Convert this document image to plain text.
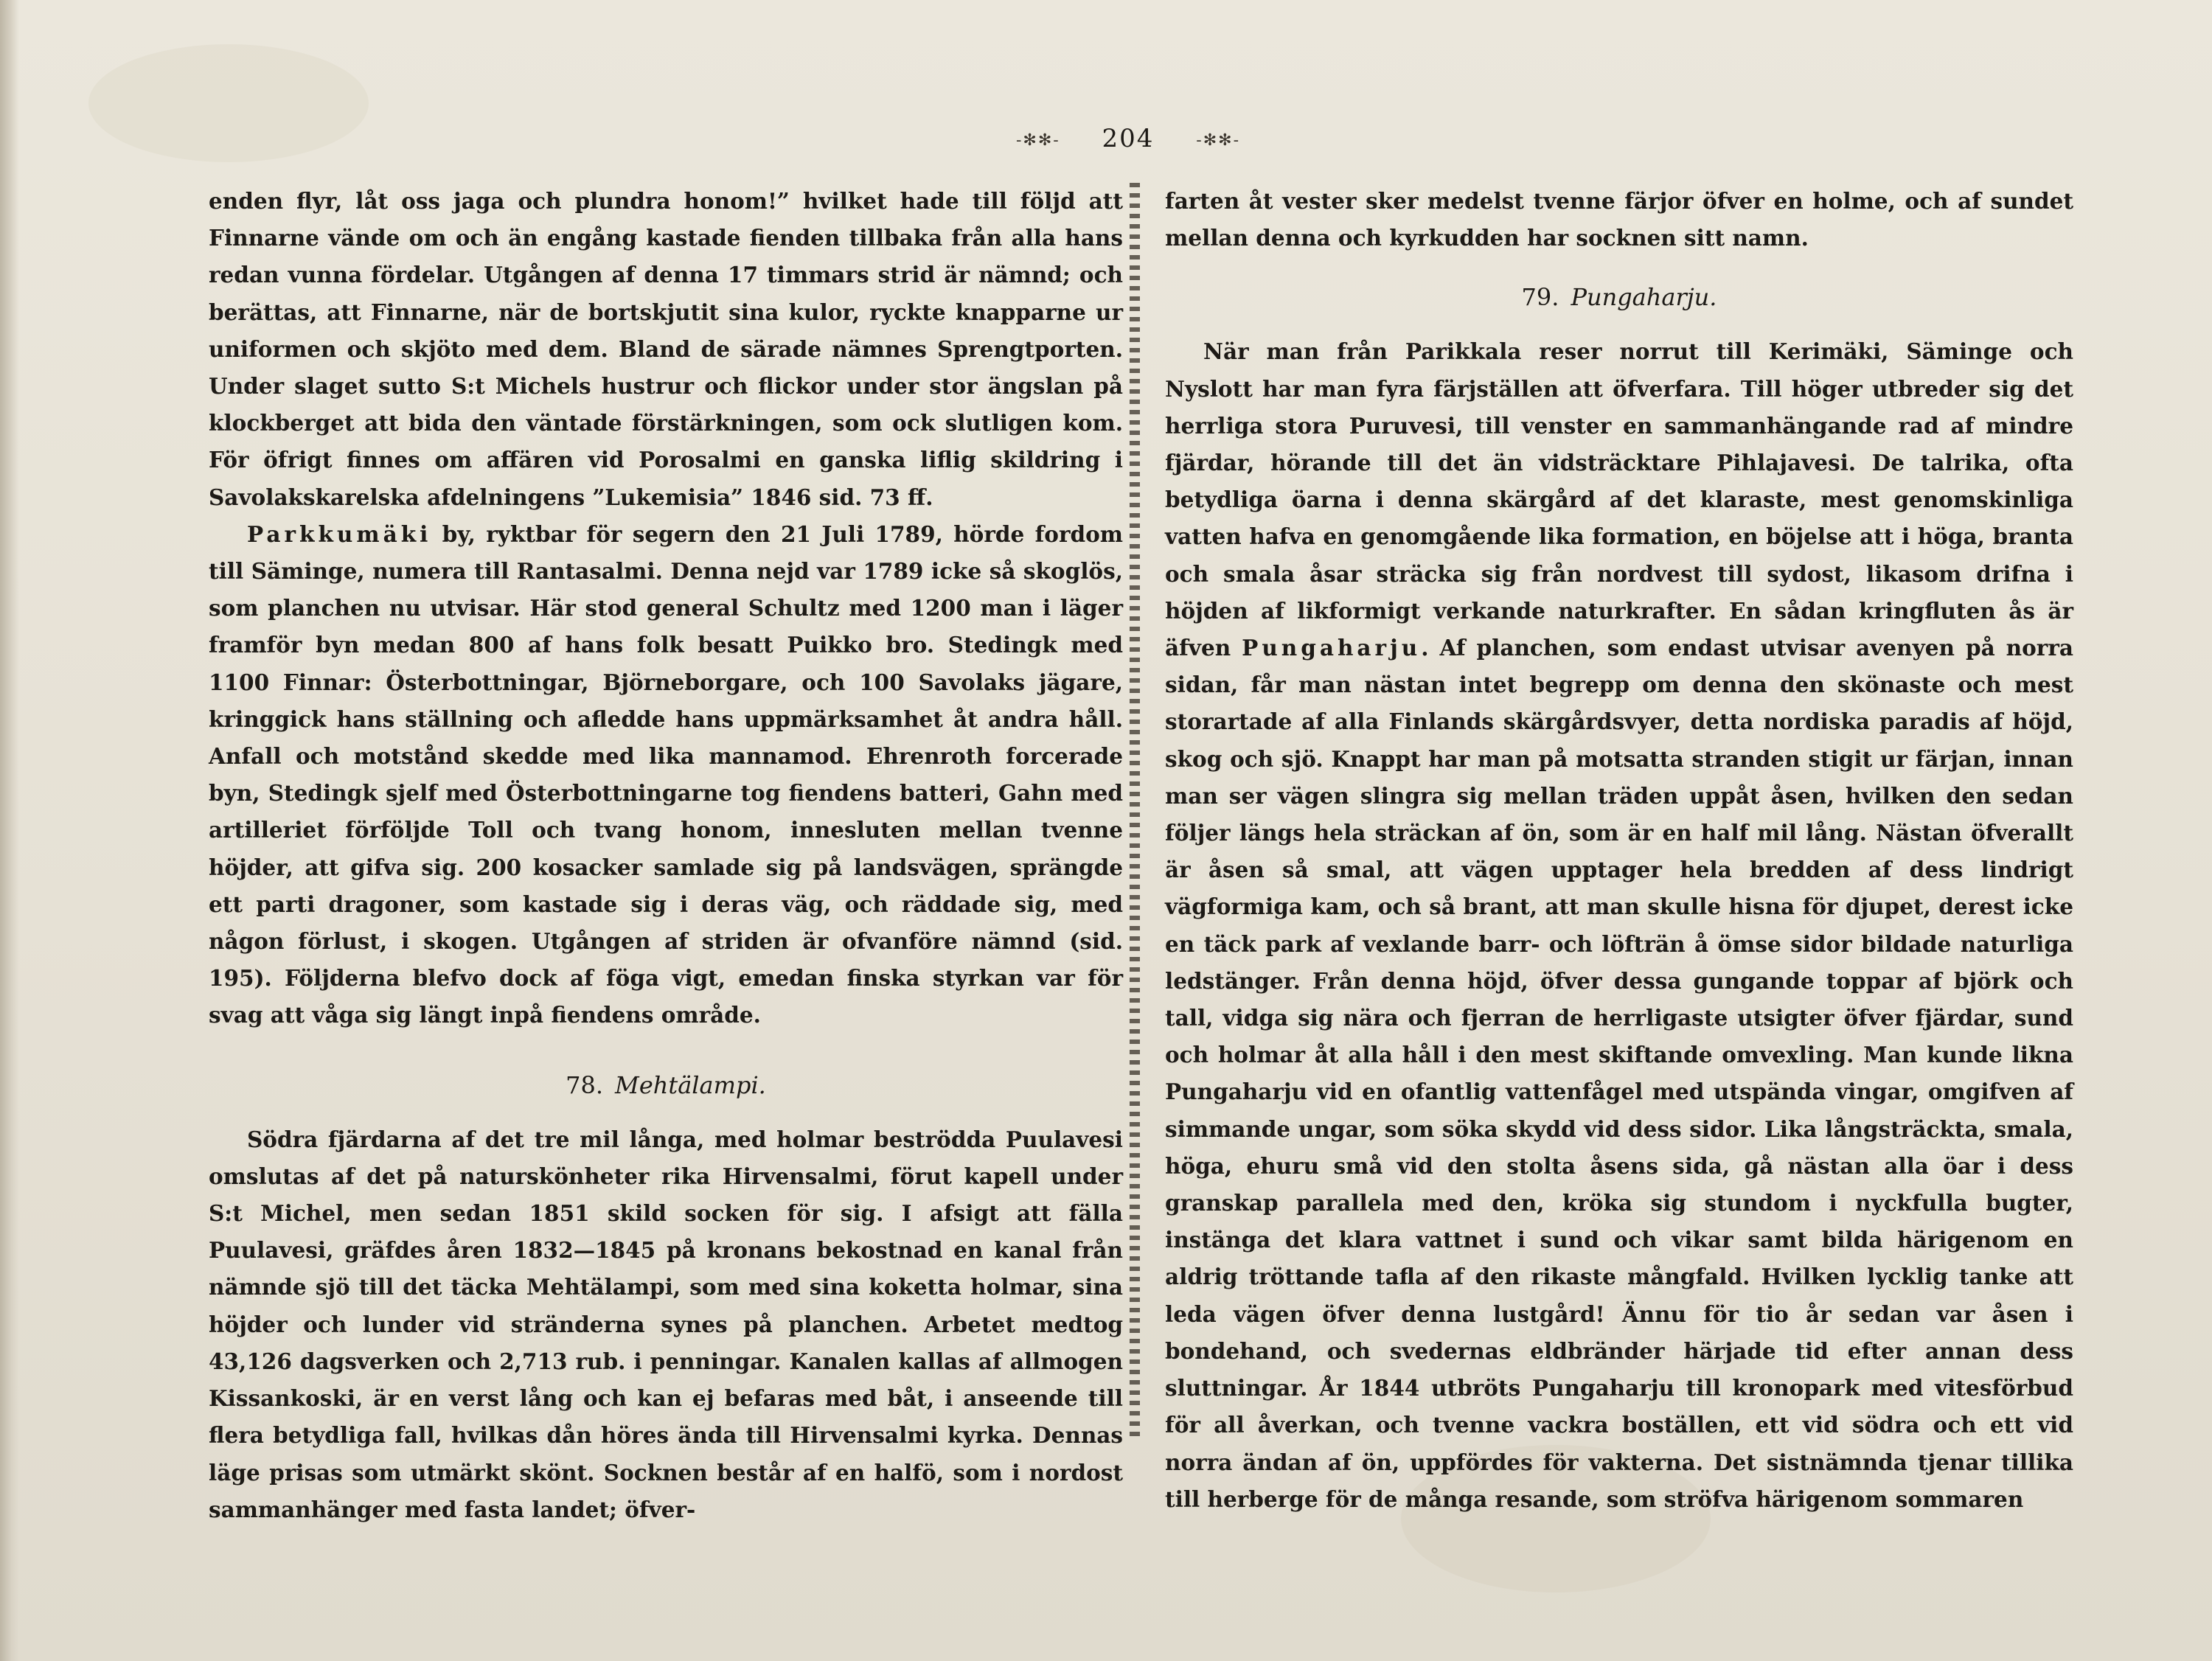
-✻✻- 204	-✻✻-

enden flyr, låt oss jaga och plundra honom!” hvilket hade till följd att Finnarne vände om och än engång kastade fienden tillbaka från alla hans redan vunna fördelar. Utgången af denna 17 timmars strid är nämnd; och berättas, att Finnarne, när de bortskjutit sina kulor, ryckte knapparne ur uniformen och skjöto med dem. Bland de särade nämnes Sprengtporten. Under slaget sutto S:t Michels hustrur och flickor under stor ängslan på klockberget att bida den väntade förstärkningen, som ock slutligen kom. För öfrigt finnes om affären vid Porosalmi en ganska liflig skildring i Savolakskarelska afdelningens ”Lukemisia” 1846 sid. 73 ff.

Parkkumäki by, ryktbar för segern den 21 Juli 1789, hörde fordom till Säminge, numera till Rantasalmi. Denna nejd var 1789 icke så skoglös, som planchen nu utvisar. Här stod general Schultz med 1200 man i läger framför byn medan 800 af hans folk besatt Puikko bro. Stedingk med 1100 Finnar: Österbottningar, Björneborgare, och 100 Savolaks jägare, kringgick hans ställning och afledde hans uppmärksamhet åt andra håll. Anfall och motstånd skedde med lika mannamod. Ehrenroth forcerade byn, Stedingk sjelf med Österbottningarne tog fiendens batteri, Gahn med artilleriet förföljde Toll och tvang honom, innesluten mellan tvenne höjder, att gifva sig. 200 kosacker samlade sig på landsvägen, sprängde ett parti dragoner, som kastade sig i deras väg, och räddade sig, med någon förlust, i skogen. Utgången af striden är ofvanföre nämnd (sid. 195). Följderna blefvo dock af föga vigt, emedan finska styrkan var för svag att våga sig längt inpå fiendens område.

78. Mehtälampi.

Södra fjärdarna af det tre mil långa, med holmar beströdda Puulavesi omslutas af det på naturskönheter rika Hirvensalmi, förut kapell under S:t Michel, men sedan 1851 skild socken för sig. I afsigt att fälla Puulavesi, gräfdes åren 1832—1845 på kronans bekostnad en kanal från nämnde sjö till det täcka Mehtälampi, som med sina koketta holmar, sina höjder och lunder vid stränderna synes på planchen. Arbetet medtog 43,126 dagsverken och 2,713 rub. i penningar. Kanalen kallas af allmogen Kissankoski, är en verst lång och kan ej befaras med båt, i anseende till flera betydliga fall, hvilkas dån höres ända till Hirvensalmi kyrka. Dennas läge prisas som utmärkt skönt. Socknen består af en halfö, som i nordost sammanhänger med fasta landet; öfver-

farten åt vester sker medelst tvenne färjor öfver en holme, och af sundet mellan denna och kyrkudden har socknen sitt namn.

79. Pungaharju.

När man från Parikkala reser norrut till Kerimäki, Säminge och Nyslott har man fyra färjställen att öfverfara. Till höger utbreder sig det herrliga stora Puruvesi, till venster en sammanhängande rad af mindre fjärdar, hörande till det än vidsträcktare Pihlajavesi. De talrika, ofta betydliga öarna i denna skärgård af det klaraste, mest genomskinliga vatten hafva en genomgående lika formation, en böjelse att i höga, branta och smala åsar sträcka sig från nordvest till sydost, likasom drifna i höjden af likformigt verkande naturkrafter. En sådan kringfluten ås är äfven Pungaharju. Af planchen, som endast utvisar avenyen på norra sidan, får man nästan intet begrepp om denna den skönaste och mest storartade af alla Finlands skärgårdsvyer, detta nordiska paradis af höjd, skog och sjö. Knappt har man på motsatta stranden stigit ur färjan, innan man ser vägen slingra sig mellan träden uppåt åsen, hvilken den sedan följer längs hela sträckan af ön, som är en half mil lång. Nästan öfverallt är åsen så smal, att vägen upptager hela bredden af dess lindrigt vägformiga kam, och så brant, att man skulle hisna för djupet, derest icke en täck park af vexlande barr- och löfträn å ömse sidor bildade naturliga ledstänger. Från denna höjd, öfver dessa gungande toppar af björk och tall, vidga sig nära och fjerran de herrligaste utsigter öfver fjärdar, sund och holmar åt alla håll i den mest skiftande omvexling. Man kunde likna Pungaharju vid en ofantlig vattenfågel med utspända vingar, omgifven af simmande ungar, som söka skydd vid dess sidor. Lika långsträckta, smala, höga, ehuru små vid den stolta åsens sida, gå nästan alla öar i dess granskap parallela med den, kröka sig stundom i nyckfulla bugter, instänga det klara vattnet i sund och vikar samt bilda härigenom en aldrig tröttande tafla af den rikaste mångfald. Hvilken lycklig tanke att leda vägen öfver denna lustgård! Ännu för tio år sedan var åsen i bondehand, och svedernas eldbränder härjade tid efter annan dess sluttningar. År 1844 utbröts Pungaharju till kronopark med vitesförbud för all åverkan, och tvenne vackra boställen, ett vid södra och ett vid norra ändan af ön, uppfördes för vakterna. Det sistnämnda tjenar tillika till herberge för de många resande, som ströfva härigenom sommaren
